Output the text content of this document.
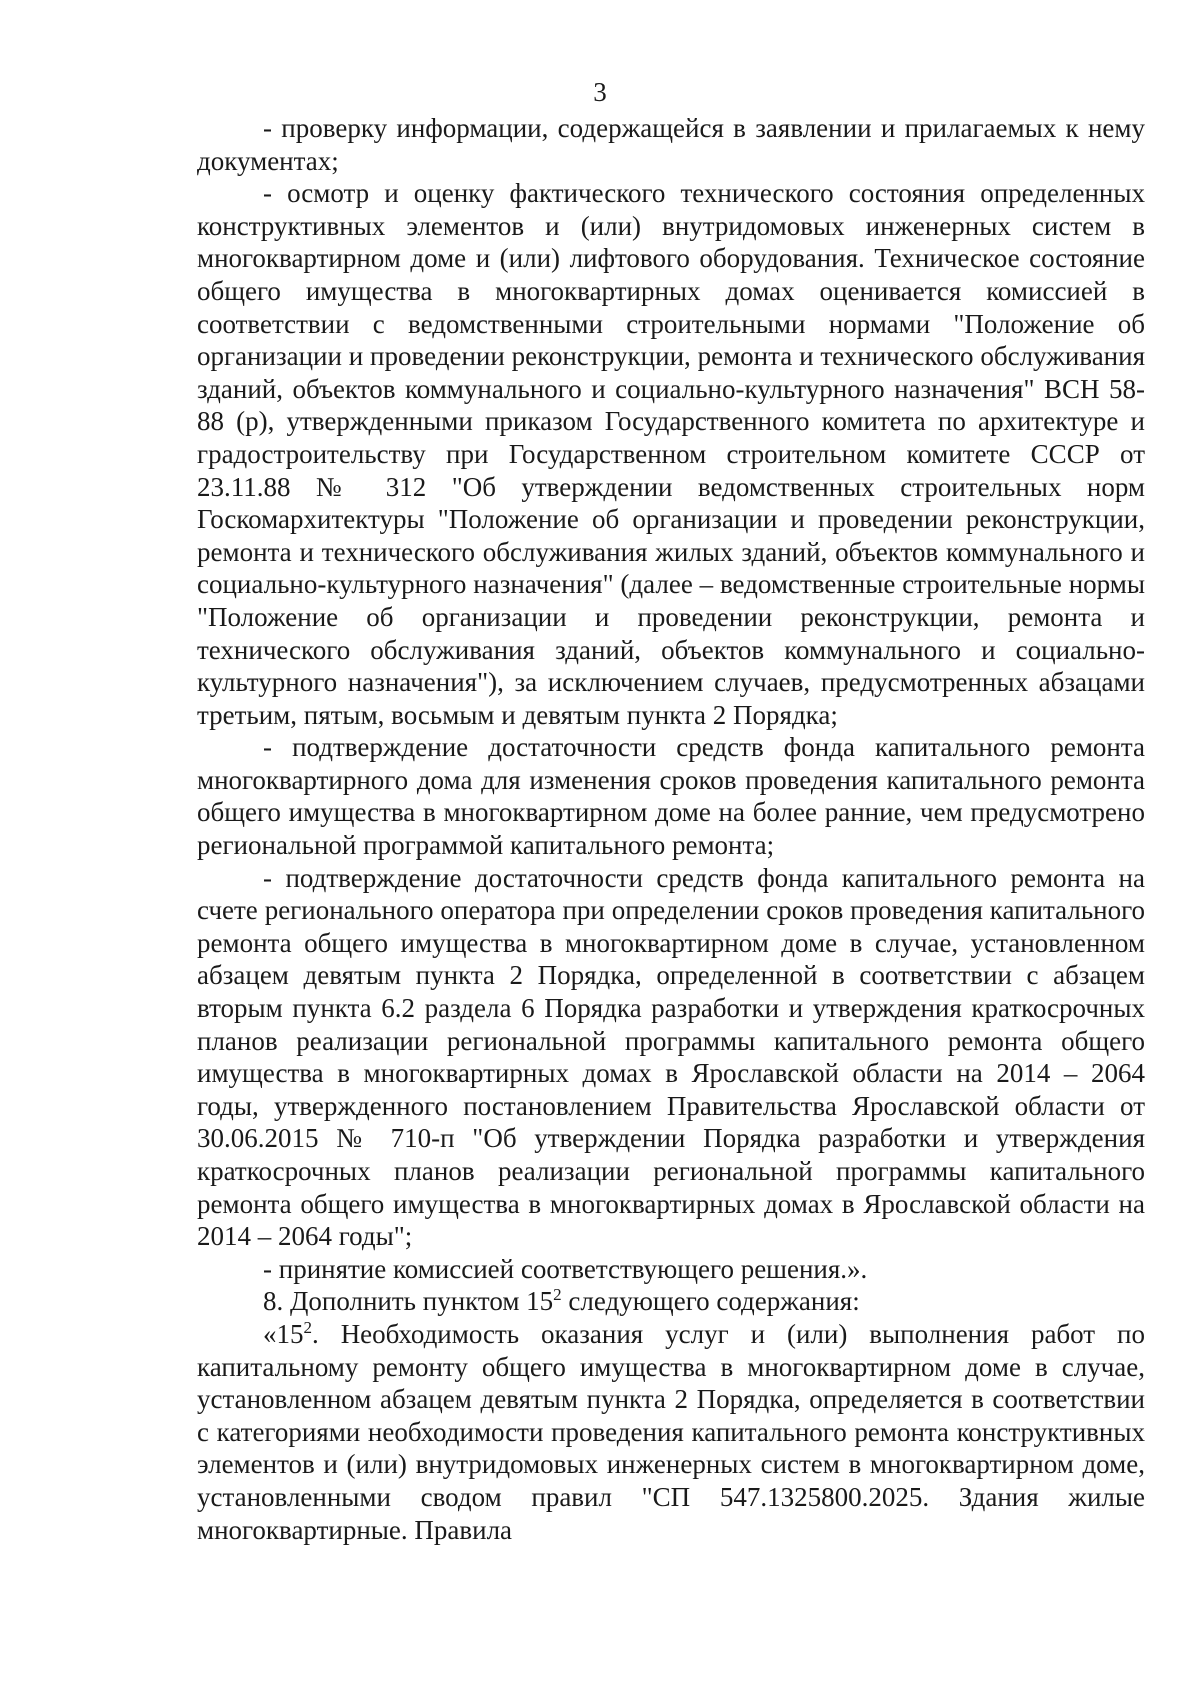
3

- проверку информации, содержащейся в заявлении и прилагаемых к нему документах;

- осмотр и оценку фактического технического состояния определенных конструктивных элементов и (или) внутридомовых инженерных систем в многоквартирном доме и (или) лифтового оборудования. Техническое состояние общего имущества в многоквартирных домах оценивается комиссией в соответствии с ведомственными строительными нормами "Положение об организации и проведении реконструкции, ремонта и технического обслуживания зданий, объектов коммунального и социально-культурного назначения" ВСН 58-88 (р), утвержденными приказом Государственного комитета по архитектуре и градостроительству при Государственном строительном комитете СССР от 23.11.88 № 312 "Об утверждении ведомственных строительных норм Госкомархитектуры "Положение об организации и проведении реконструкции, ремонта и технического обслуживания жилых зданий, объектов коммунального и социально-культурного назначения" (далее – ведомственные строительные нормы "Положение об организации и проведении реконструкции, ремонта и технического обслуживания зданий, объектов коммунального и социально-культурного назначения"), за исключением случаев, предусмотренных абзацами третьим, пятым, восьмым и девятым пункта 2 Порядка;

- подтверждение достаточности средств фонда капитального ремонта многоквартирного дома для изменения сроков проведения капитального ремонта общего имущества в многоквартирном доме на более ранние, чем предусмотрено региональной программой капитального ремонта;

- подтверждение достаточности средств фонда капитального ремонта на счете регионального оператора при определении сроков проведения капитального ремонта общего имущества в многоквартирном доме в случае, установленном абзацем девятым пункта 2 Порядка, определенной в соответствии с абзацем вторым пункта 6.2 раздела 6 Порядка разработки и утверждения краткосрочных планов реализации региональной программы капитального ремонта общего имущества в многоквартирных домах в Ярославской области на 2014 – 2064 годы, утвержденного постановлением Правительства Ярославской области от 30.06.2015 № 710-п "Об утверждении Порядка разработки и утверждения краткосрочных планов реализации региональной программы капитального ремонта общего имущества в многоквартирных домах в Ярославской области на 2014 – 2064 годы";

- принятие комиссией соответствующего решения.».

8. Дополнить пунктом $15^2$ следующего содержания:

«$15^2$. Необходимость оказания услуг и (или) выполнения работ по капитальному ремонту общего имущества в многоквартирном доме в случае, установленном абзацем девятым пункта 2 Порядка, определяется в соответствии с категориями необходимости проведения капитального ремонта конструктивных элементов и (или) внутридомовых инженерных систем в многоквартирном доме, установленными сводом правил "СП 547.1325800.2025. Здания жилые многоквартирные. Правила
